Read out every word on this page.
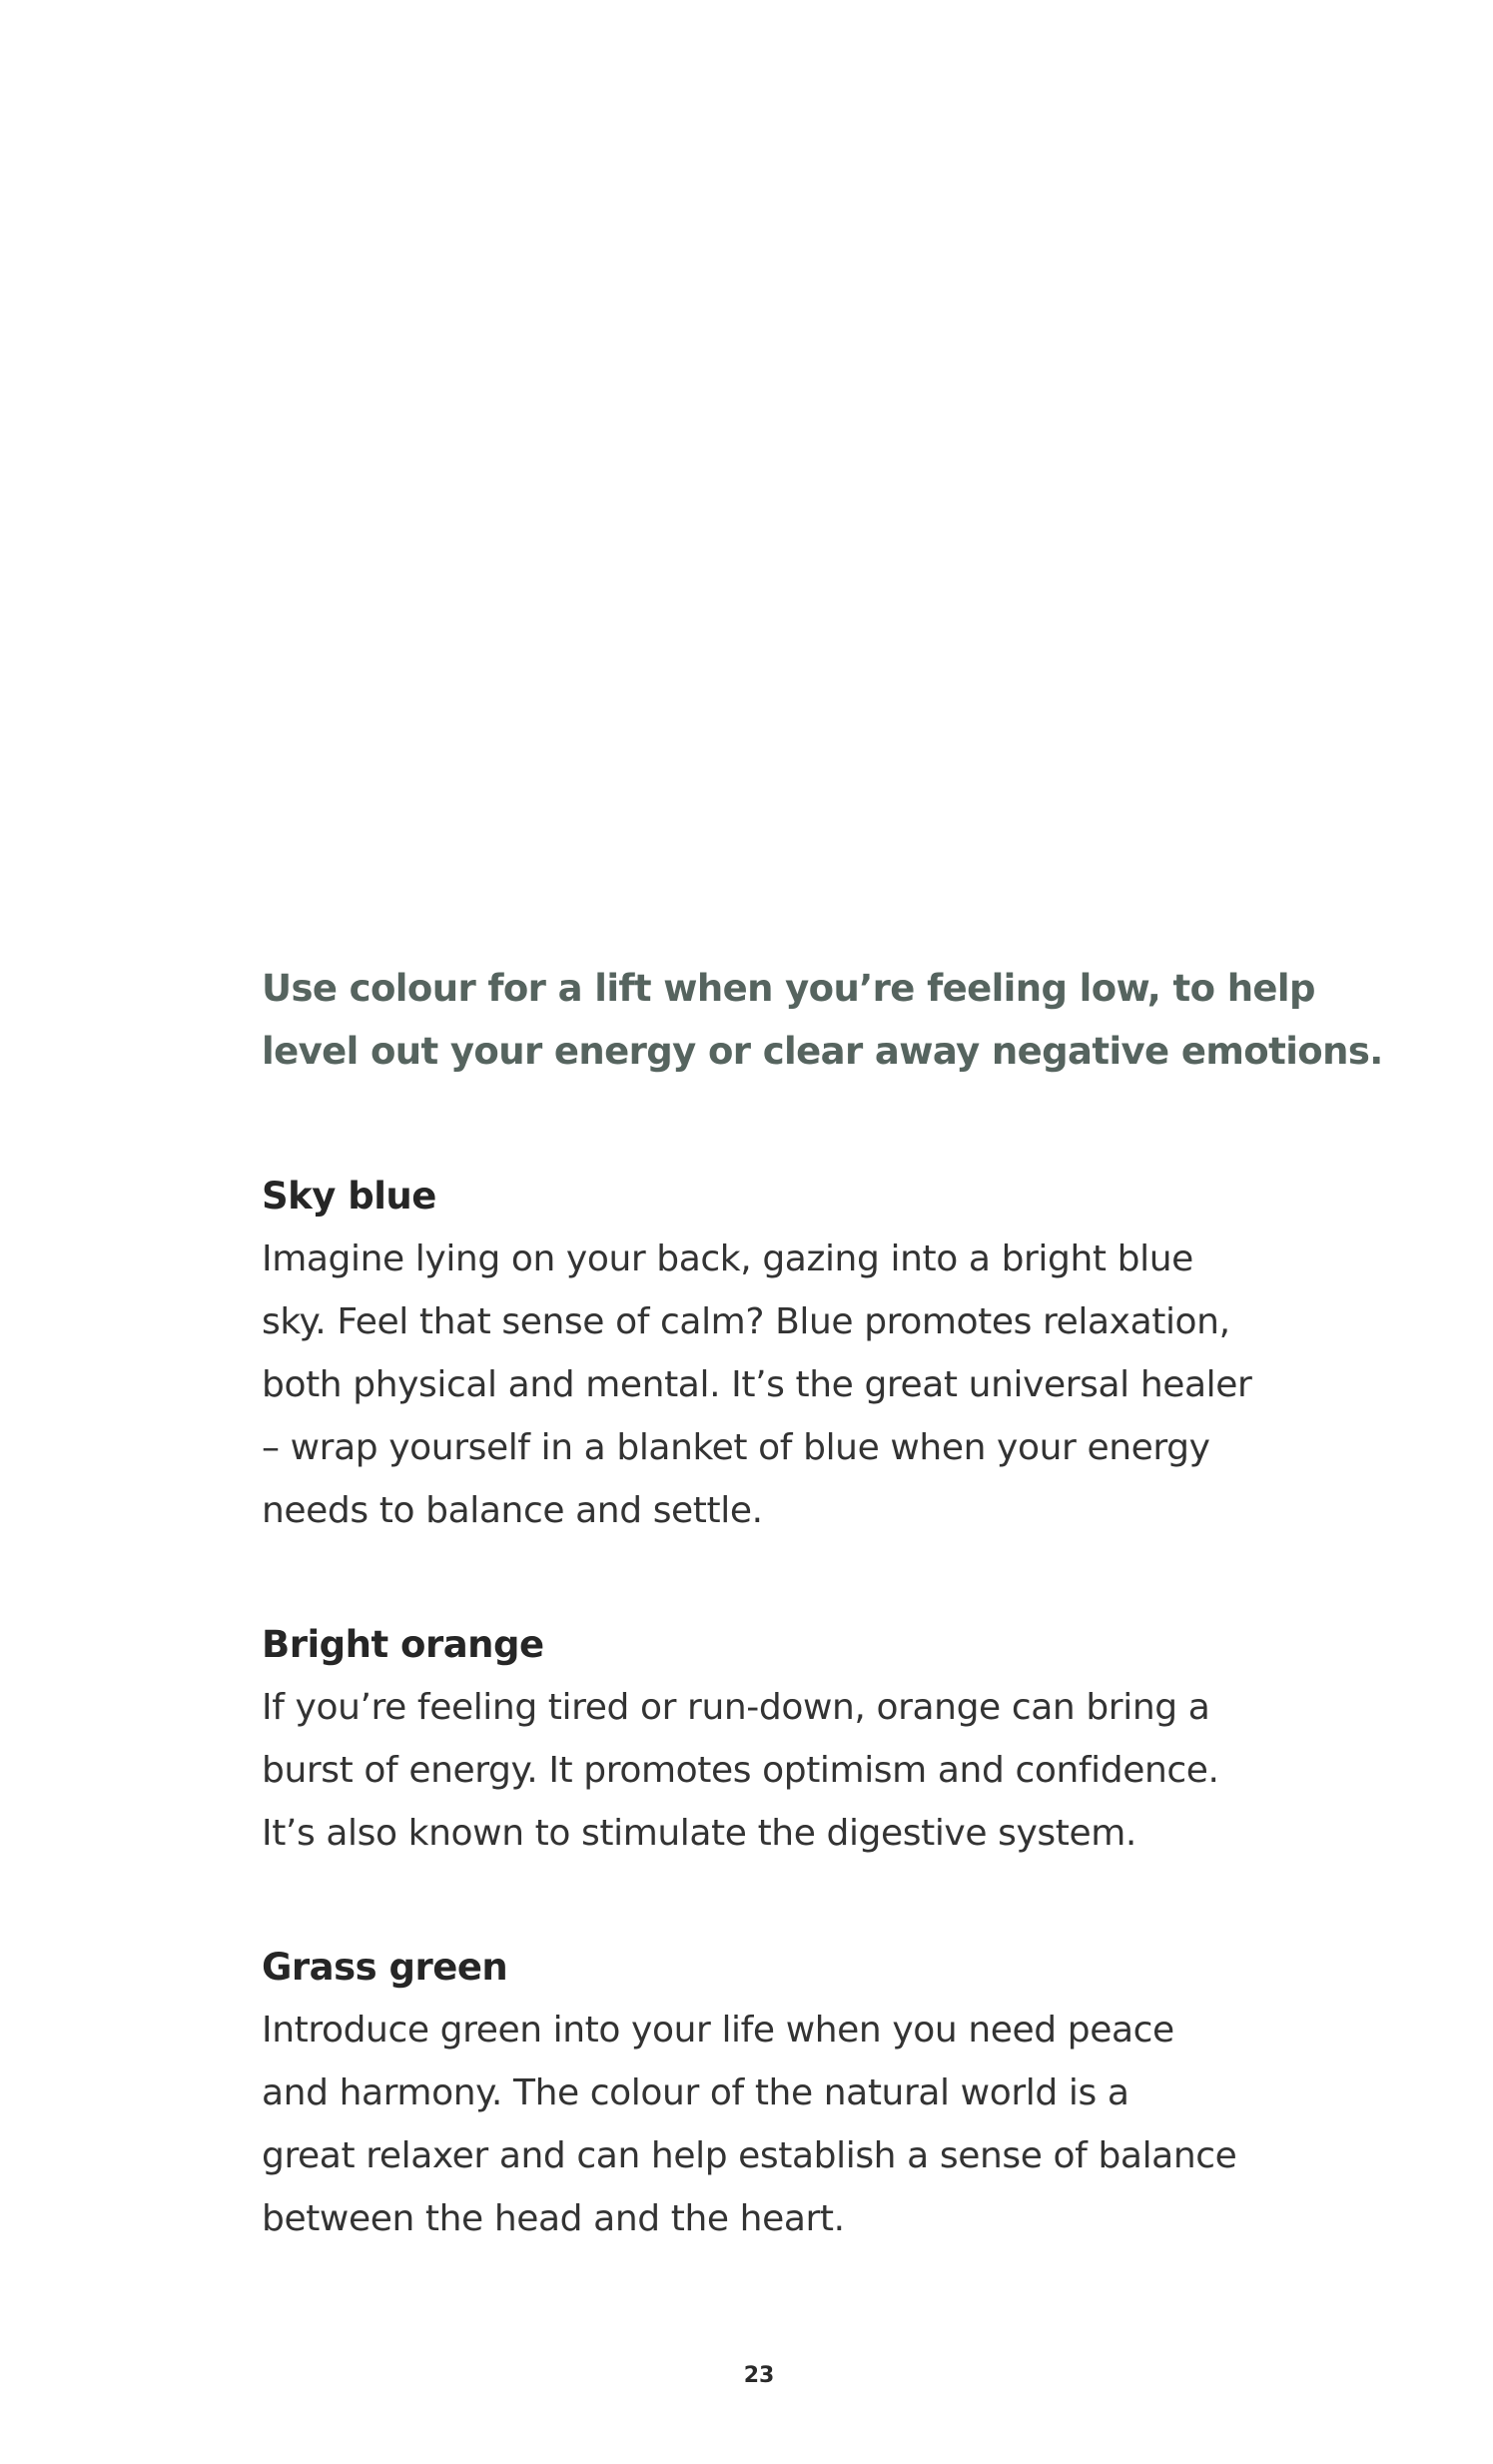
Use colour for a lift when you’re feeling low, to help
level out your energy or clear away negative emotions.

Sky blue

Imagine lying on your back, gazing into a bright blue
sky. Feel that sense of calm? Blue promotes relaxation,
both physical and mental. It’s the great universal healer
– wrap yourself in a blanket of blue when your energy
needs to balance and settle.

Bright orange

If you’re feeling tired or run-down, orange can bring a
burst of energy. It promotes optimism and confidence.
It’s also known to stimulate the digestive system.

Grass green

Introduce green into your life when you need peace
and harmony. The colour of the natural world is a
great relaxer and can help establish a sense of balance
between the head and the heart.

23
